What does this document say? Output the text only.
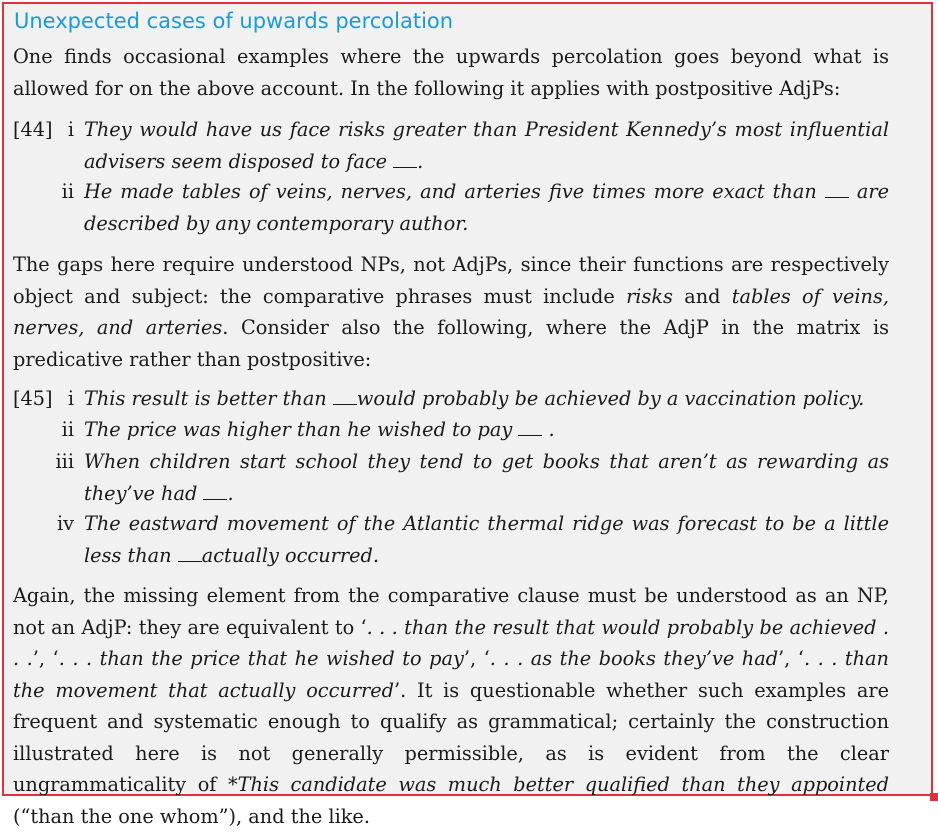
Unexpected cases of upwards percolation
One finds occasional examples where the upwards percolation goes beyond what is allowed for on the above account. In the following it applies with postpositive AdjPs:
[44] i They would have us face risks greater than President Kennedy’s most influential advisers seem disposed to face .
ii He made tables of veins, nerves, and arteries five times more exact than are described by any contemporary author.
The gaps here require understood NPs, not AdjPs, since their functions are respectively object and subject: the comparative phrases must include risks and tables of veins, nerves, and arteries. Consider also the following, where the AdjP in the matrix is predicative rather than postpositive:
[45] i This result is better than would probably be achieved by a vaccination policy.
ii The price was higher than he wished to pay .
iii When children start school they tend to get books that aren’t as rewarding as they’ve had .
iv The eastward movement of the Atlantic thermal ridge was forecast to be a little less than actually occurred.
Again, the missing element from the comparative clause must be understood as an NP, not an AdjP: they are equivalent to ‘. . . than the result that would probably be achieved . . .’, ‘. . . than the price that he wished to pay’, ‘. . . as the books they’ve had’, ‘. . . than the movement that actually occurred’. It is questionable whether such examples are frequent and systematic enough to qualify as grammatical; certainly the construction illustrated here is not generally permissible, as is evident from the clear ungrammaticality of *This candidate was much better qualified than they appointed (“than the one whom”), and the like.
